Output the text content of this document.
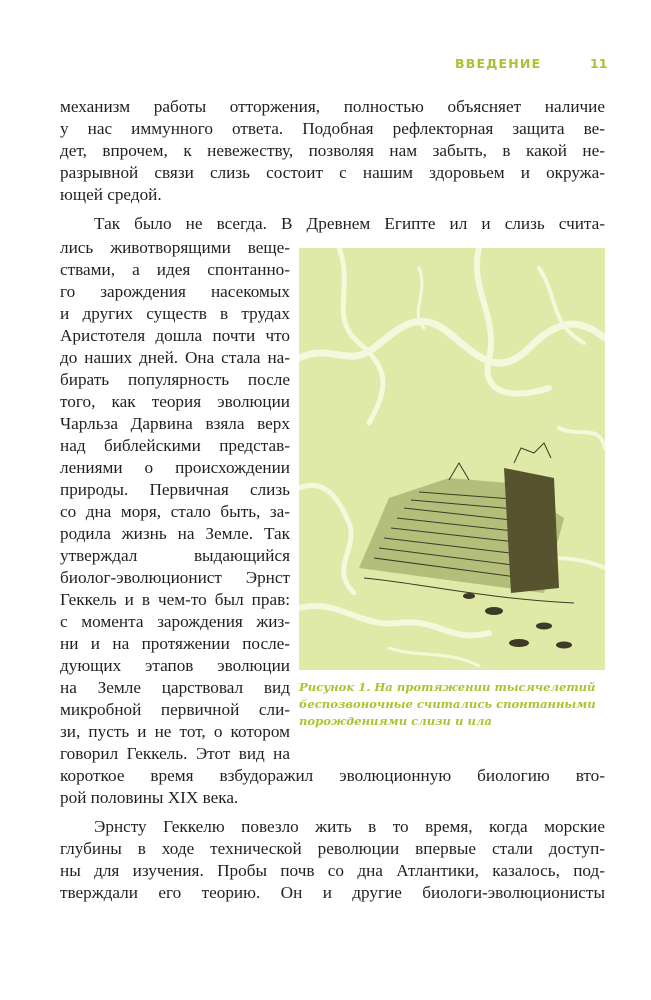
ВВЕДЕНИЕ	11
механизм работы отторжения, полностью объясняет наличие
у нас иммунного ответа. Подобная рефлекторная защита ве-
дет, впрочем, к невежеству, позволяя нам забыть, в какой не-
разрывной связи слизь состоит с нашим здоровьем и окружа-
ющей средой.
Так было не всегда. В Древнем Египте ил и слизь счита-
лись животворящими веще-
ствами, а идея спонтанно-
го зарождения насекомых
и других существ в трудах
Аристотеля дошла почти что
до наших дней. Она стала на-
бирать популярность после
того, как теория эволюции
Чарльза Дарвина взяла верх
над библейскими представ-
лениями о происхождении
природы. Первичная слизь
со дна моря, стало быть, за-
родила жизнь на Земле. Так
утверждал выдающийся
биолог-эволюционист Эрнст
Геккель и в чем-то был прав:
с момента зарождения жиз-
ни и на протяжении после-
дующих этапов эволюции
на Земле царствовал вид
микробной первичной сли-
зи, пусть и не тот, о котором
говорил Геккель. Этот вид на
короткое время взбудоражил эволюционную биологию вто-
рой половины XIX века.
Эрнсту Геккелю повезло жить в то время, когда морские
глубины в ходе технической революции впервые стали доступ-
ны для изучения. Пробы почв со дна Атлантики, казалось, под-
тверждали его теорию. Он и другие биологи-эволюционисты
Рисунок 1. На протяжении тысячелетий
беспозвоночные считались спонтанными
порождениями слизи и ила
